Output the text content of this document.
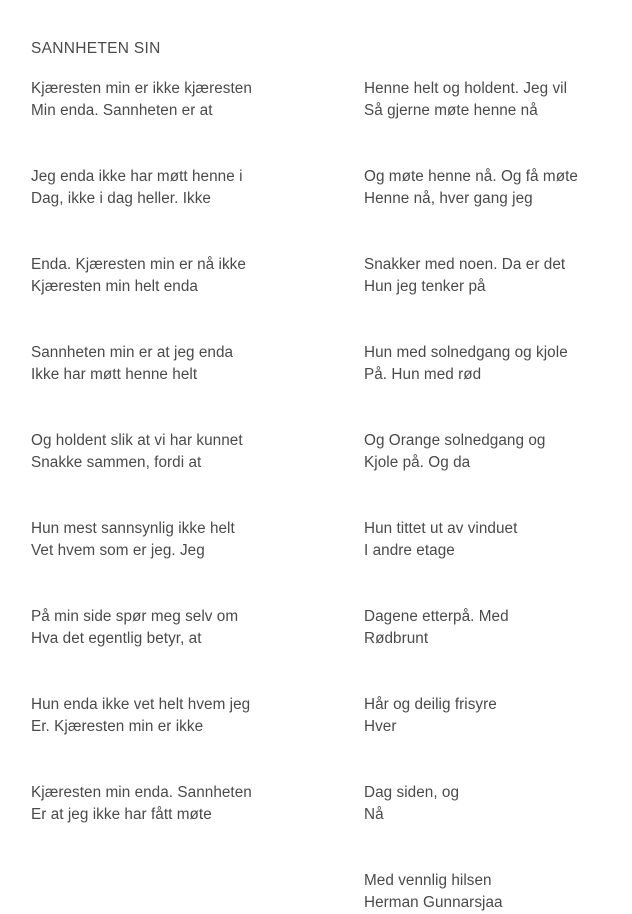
SANNHETEN SIN
Kjæresten min er ikke kjæresten
Min enda. Sannheten er at
Jeg enda ikke har møtt henne i
Dag, ikke i dag heller. Ikke
Enda. Kjæresten min er nå ikke
Kjæresten min helt enda
Sannheten min er at jeg enda
Ikke har møtt henne helt
Og holdent slik at vi har kunnet
Snakke sammen, fordi at
Hun mest sannsynlig ikke helt
Vet hvem som er jeg. Jeg
På min side spør meg selv om
Hva det egentlig betyr, at
Hun enda ikke vet helt hvem jeg
Er. Kjæresten min er ikke
Kjæresten min enda. Sannheten
Er at jeg ikke har fått møte
Henne helt og holdent. Jeg vil
Så gjerne møte henne nå
Og møte henne nå. Og få møte
Henne nå, hver gang jeg
Snakker med noen. Da er det
Hun jeg tenker på
Hun med solnedgang og kjole
På. Hun med rød
Og Orange solnedgang og
Kjole på. Og da
Hun tittet ut av vinduet
I andre etage
Dagene etterpå. Med
Rødbrunt
Hår og deilig frisyre
Hver
Dag siden, og
Nå
Med vennlig hilsen
Herman Gunnarsjaa
